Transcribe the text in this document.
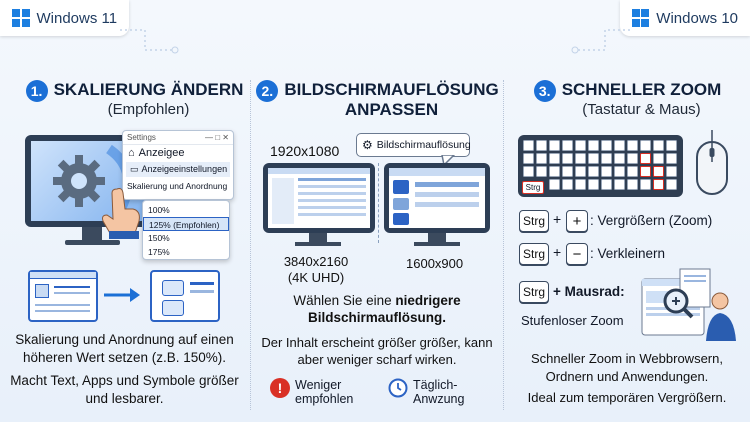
Windows 11	Windows 10
1. SKALIERUNG ÄNDERN
(Empfohlen)
Settings	— □ ✕
⌂ Anzeigee
▭ Anzeigeeinstellungen
Skalierung und Anordnung
100%
125% (Empfohlen)
150%
175%
Skalierung und Anordnung auf einen höheren Wert setzen (z.B. 150%).
Macht Text, Apps und Symbole größer und lesbarer.
2. BILDSCHIRMAUFLÖSUNG
ANPASSEN
1920x1080 ⚙ Bildschirmauflösung
3840x2160
(4K UHD)
1600x900
Wählen Sie eine niedrigere Bildschirmauflösung.
Der Inhalt erscheint größer größer, kann aber weniger scharf wirken.
!	Weniger empfohlen
Täglich-Anwzung
3. SCHNELLER ZOOM
(Tastatur & Maus)
Strg
Strg + + : Vergrößern (Zoom)
Strg + − : Verkleinern
Strg + Mausrad:
Stufenloser Zoom
Schneller Zoom in Webbrowsern, Ordnern und Anwendungen.
Ideal zum temporären Vergrößern.
